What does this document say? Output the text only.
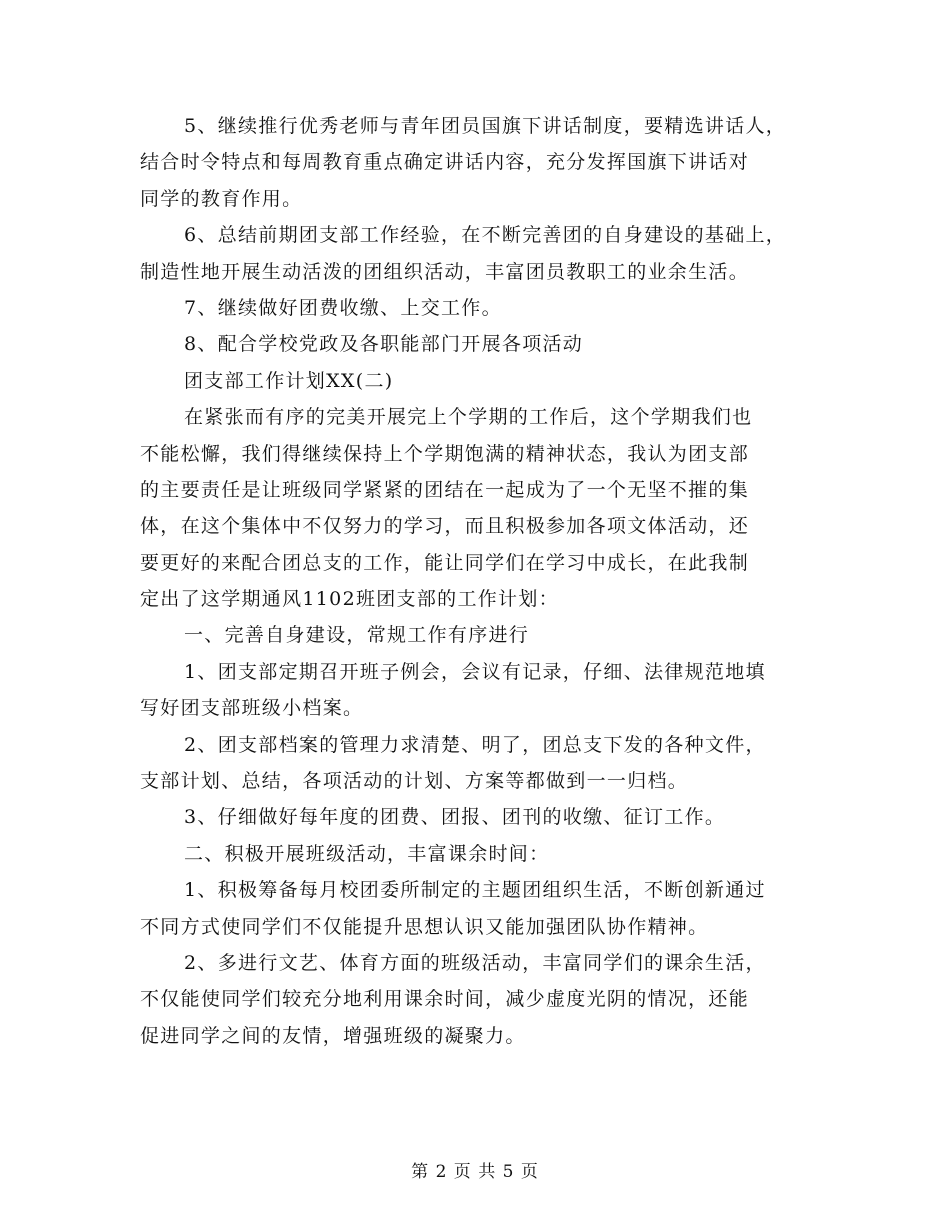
5、继续推行优秀老师与青年团员国旗下讲话制度，要精选讲话人，
结合时令特点和每周教育重点确定讲话内容，充分发挥国旗下讲话对
同学的教育作用。
6、总结前期团支部工作经验，在不断完善团的自身建设的基础上，
制造性地开展生动活泼的团组织活动，丰富团员教职工的业余生活。
7、继续做好团费收缴、上交工作。
8、配合学校党政及各职能部门开展各项活动
团支部工作计划XX(二)
在紧张而有序的完美开展完上个学期的工作后，这个学期我们也
不能松懈，我们得继续保持上个学期饱满的精神状态，我认为团支部
的主要责任是让班级同学紧紧的团结在一起成为了一个无坚不摧的集
体，在这个集体中不仅努力的学习，而且积极参加各项文体活动，还
要更好的来配合团总支的工作，能让同学们在学习中成长，在此我制
定出了这学期通风1102班团支部的工作计划：
一、完善自身建设，常规工作有序进行
1、团支部定期召开班子例会，会议有记录，仔细、法律规范地填
写好团支部班级小档案。
2、团支部档案的管理力求清楚、明了，团总支下发的各种文件，
支部计划、总结，各项活动的计划、方案等都做到一一归档。
3、仔细做好每年度的团费、团报、团刊的收缴、征订工作。
二、积极开展班级活动，丰富课余时间：
1、积极筹备每月校团委所制定的主题团组织生活，不断创新通过
不同方式使同学们不仅能提升思想认识又能加强团队协作精神。
2、多进行文艺、体育方面的班级活动，丰富同学们的课余生活，
不仅能使同学们较充分地利用课余时间，减少虚度光阴的情况，还能
促进同学之间的友情，增强班级的凝聚力。
第 2 页 共 5 页
